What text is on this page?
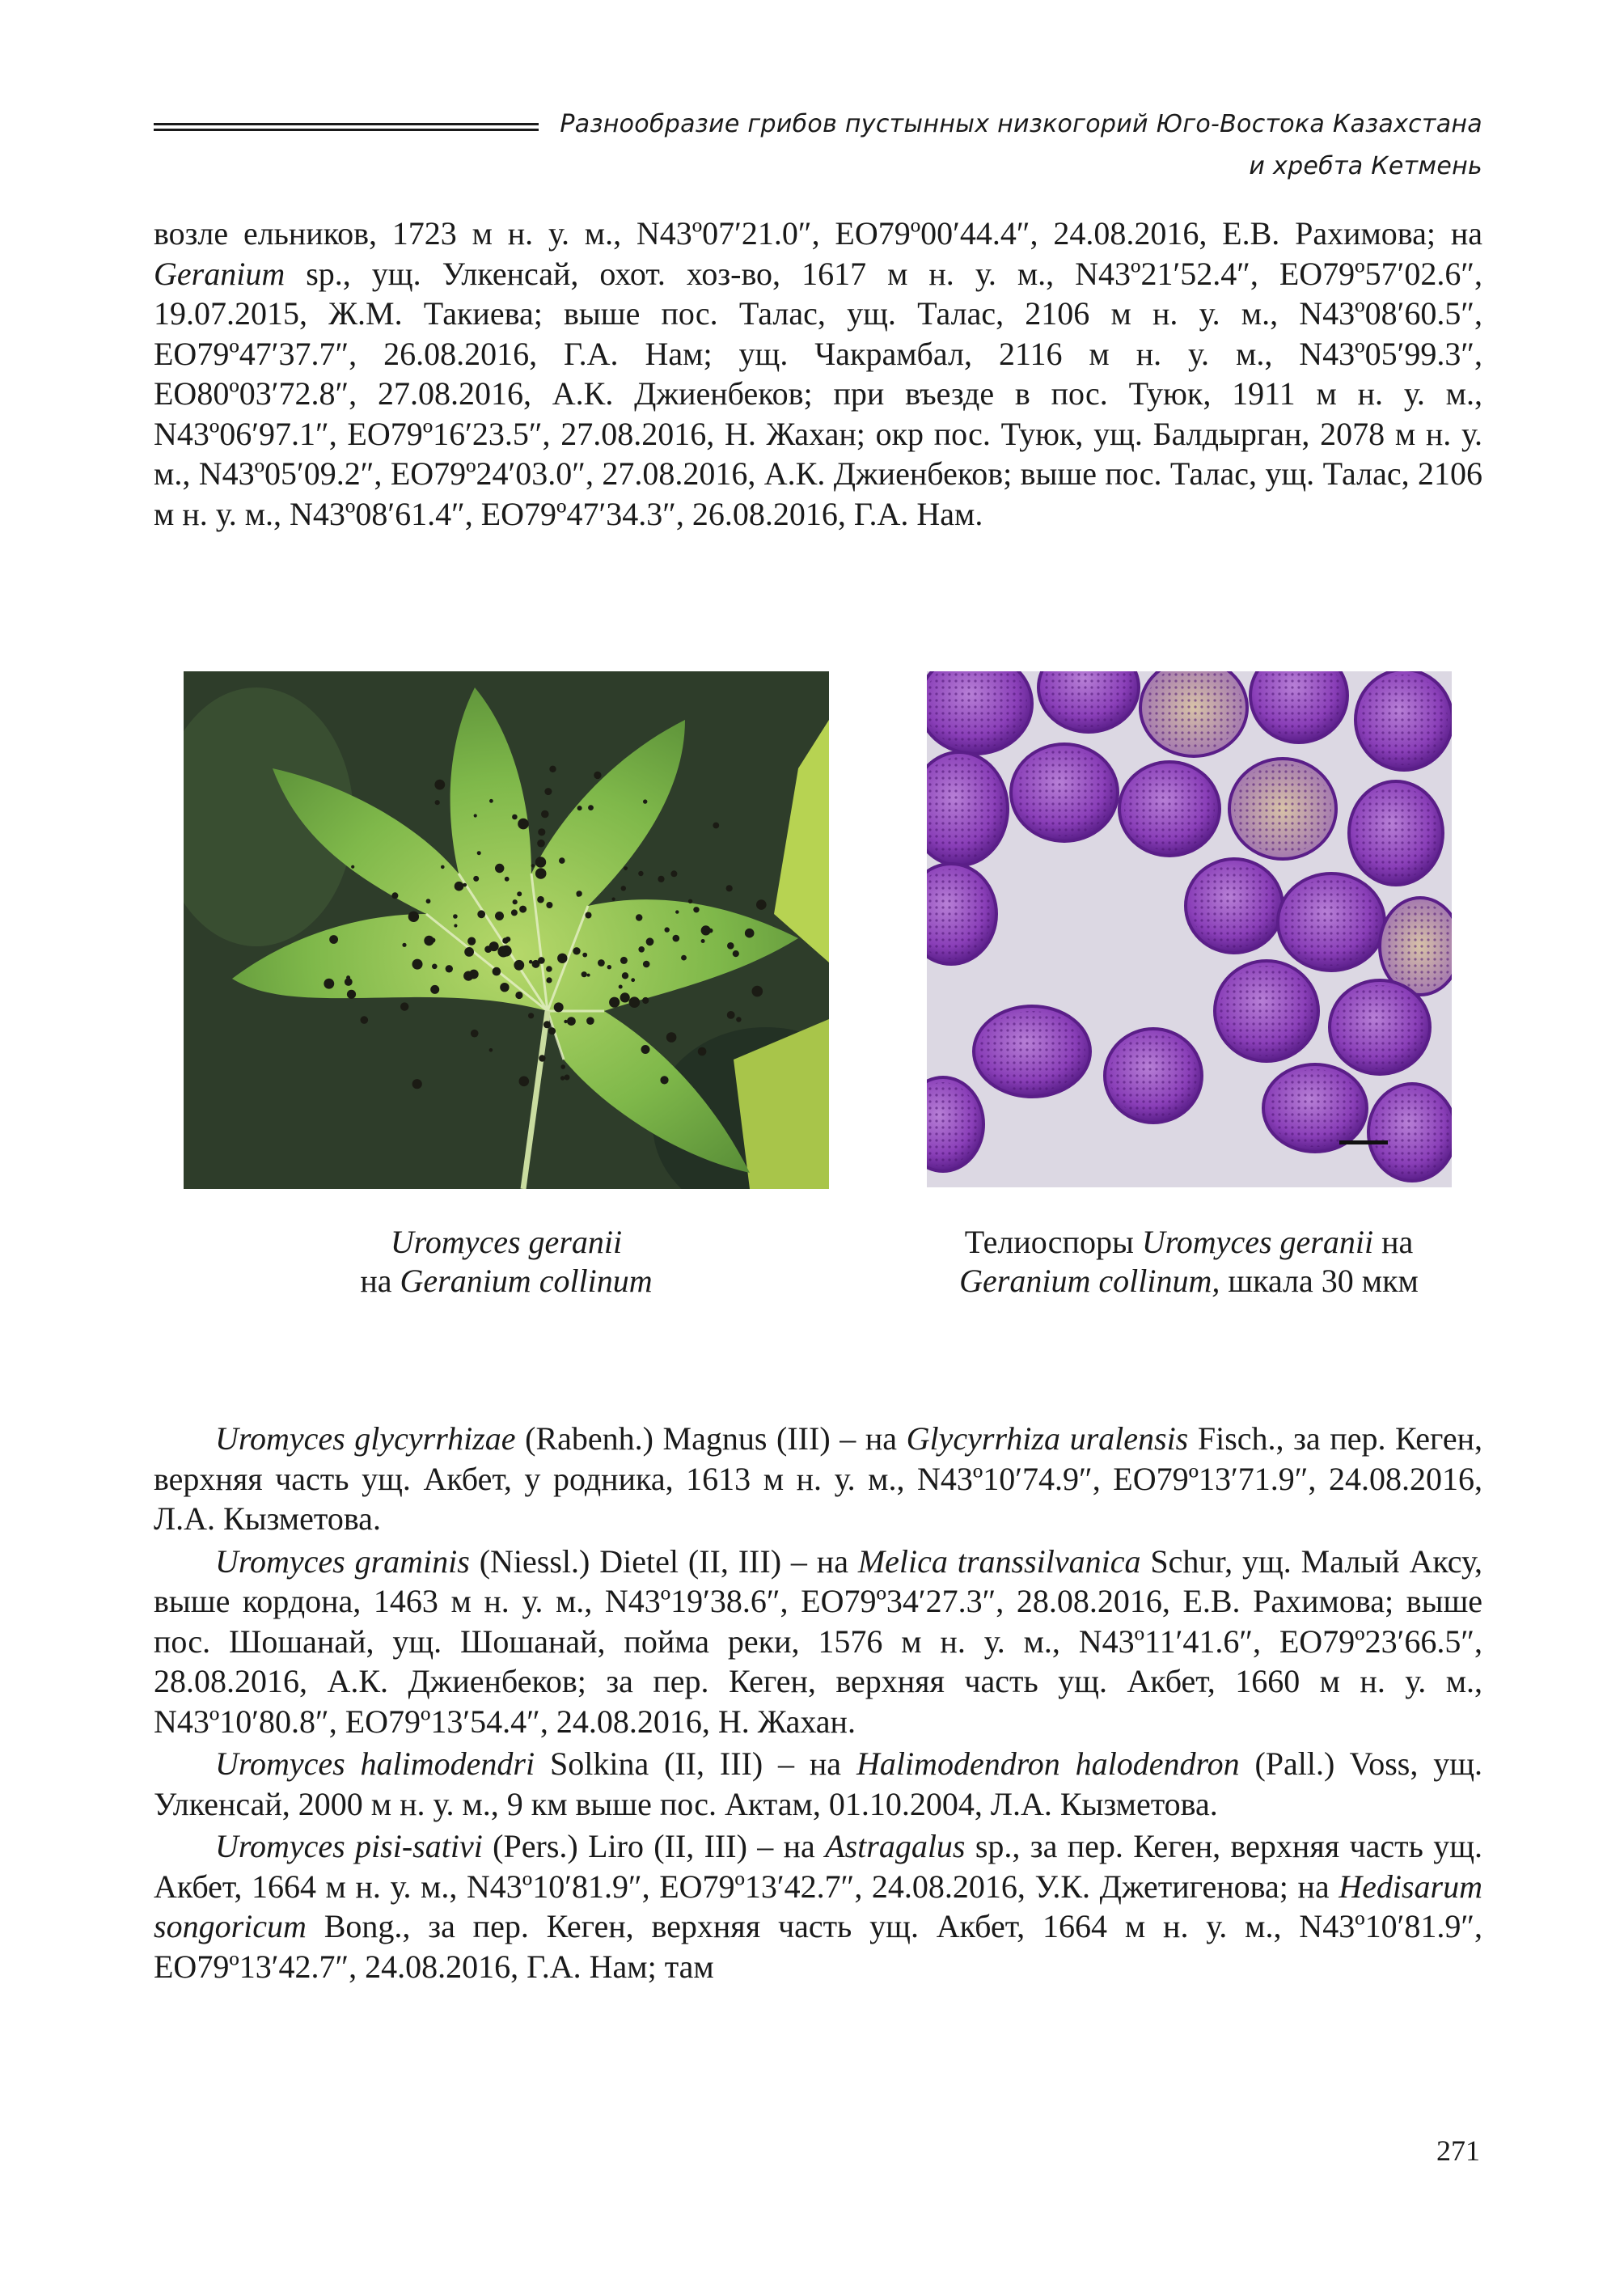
Разнообразие грибов пустынных низкогорий Юго-Востока Казахстана
и хребта Кетмень

возле ельников, 1723 м н. у. м., N43º07′21.0″, ЕО79º00′44.4″, 24.08.2016, Е.В. Рахимова; на Geranium sp., ущ. Улкенсай, охот. хоз-во, 1617 м н. у. м., N43º21′52.4″, ЕО79º57′02.6″, 19.07.2015, Ж.М. Такиева; выше пос. Талас, ущ. Талас, 2106 м н. у. м., N43º08′60.5″, ЕО79º47′37.7″, 26.08.2016, Г.А. Нам; ущ. Чакрамбал, 2116 м н. у. м., N43º05′99.3″, ЕО80º03′72.8″, 27.08.2016, А.К. Джиенбеков; при въезде в пос. Туюк, 1911 м н. у. м., N43º06′97.1″, ЕО79º16′23.5″, 27.08.2016, Н. Жахан; окр пос. Туюк, ущ. Балдырган, 2078 м н. у. м., N43º05′09.2″, ЕО79º24′03.0″, 27.08.2016, А.К. Джиенбеков; выше пос. Талас, ущ. Талас, 2106 м н. у. м., N43º08′61.4″, ЕО79º47′34.3″, 26.08.2016, Г.А. Нам.

Uromyces geranii
на Geranium collinum
Телиоспоры Uromyces geranii на
Geranium collinum, шкала 30 мкм

Uromyces glycyrrhizae (Rabenh.) Magnus (III) – на Glycyrrhiza uralensis Fisch., за пер. Кеген, верхняя часть ущ. Акбет, у родника, 1613 м н. у. м., N43º10′74.9″, ЕО79º13′71.9″, 24.08.2016, Л.А. Кызметова.

Uromyces graminis (Niessl.) Dietel (II, III) – на Melica transsilvanica Schur, ущ. Малый Аксу, выше кордона, 1463 м н. у. м., N43º19′38.6″, ЕО79º34′27.3″, 28.08.2016, Е.В. Рахимова; выше пос. Шошанай, ущ. Шошанай, пойма реки, 1576 м н. у. м., N43º11′41.6″, ЕО79º23′66.5″, 28.08.2016, А.К. Джиенбеков; за пер. Кеген, верхняя часть ущ. Акбет, 1660 м н. у. м., N43º10′80.8″, ЕО79º13′54.4″, 24.08.2016, Н. Жахан.

Uromyces halimodendri Solkina (II, III) – на Halimodendron halodendron (Pall.) Voss, ущ. Улкенсай, 2000 м н. у. м., 9 км выше пос. Актам, 01.10.2004, Л.А. Кызметова.

Uromyces pisi-sativi (Pers.) Liro (II, III) – на Astragalus sp., за пер. Кеген, верхняя часть ущ. Акбет, 1664 м н. у. м., N43º10′81.9″, ЕО79º13′42.7″, 24.08.2016, У.К. Джетигенова; на Hedisarum songoricum Bong., за пер. Кеген, верхняя часть ущ. Акбет, 1664 м н. у. м., N43º10′81.9″, ЕО79º13′42.7″, 24.08.2016, Г.А. Нам; там

271
